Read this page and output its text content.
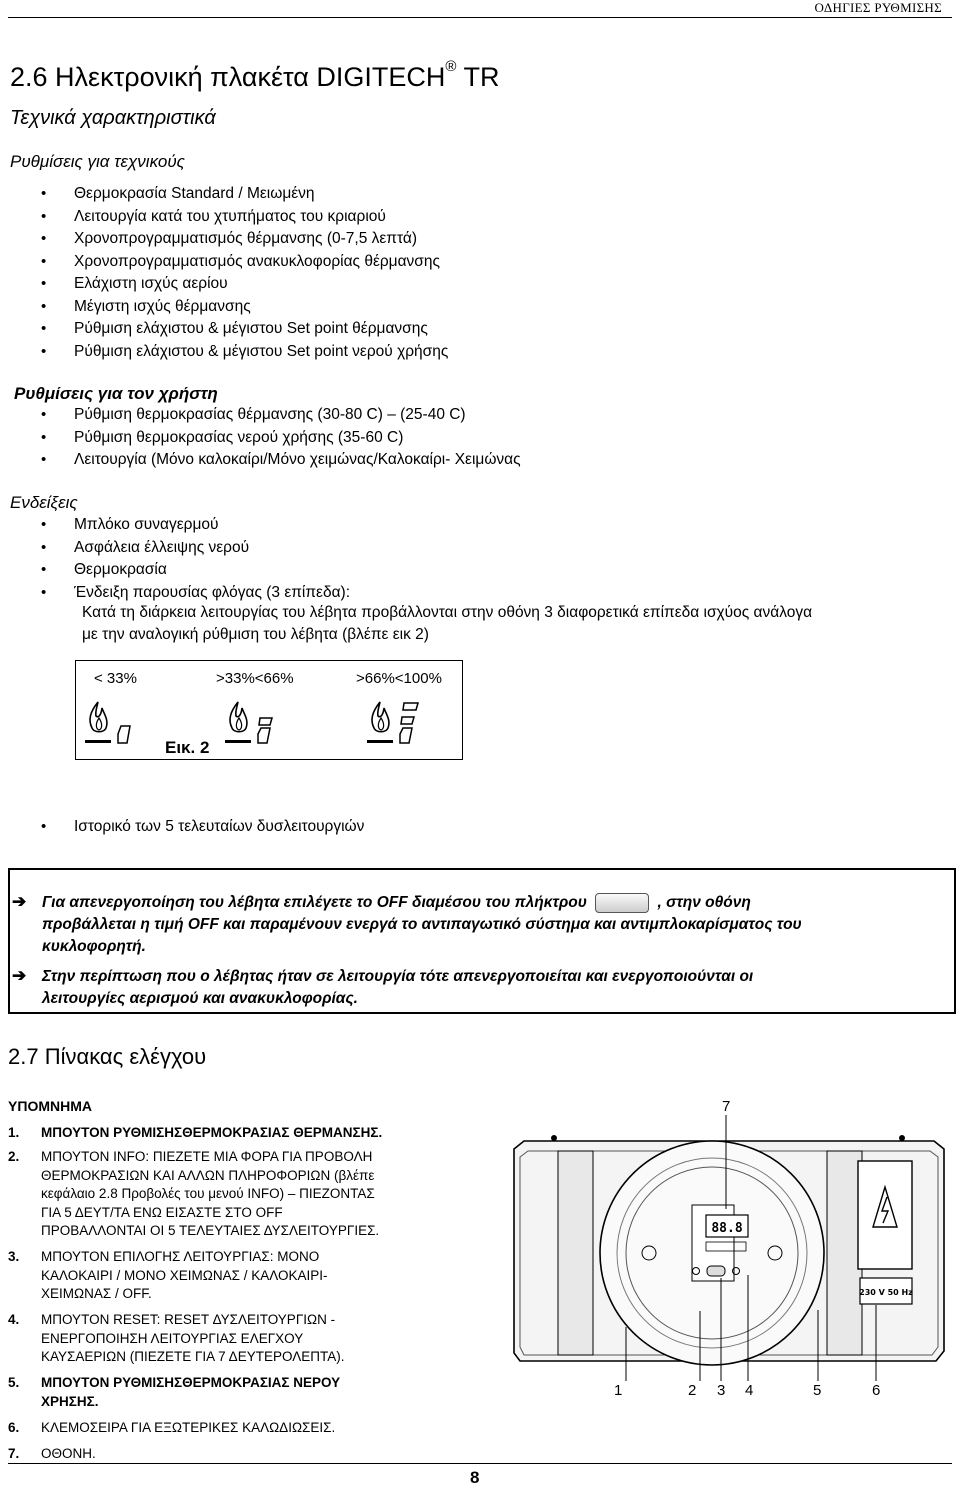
ΟΔΗΓΙΕΣ ΡΥΘΜΙΣΗΣ
2.6 Ηλεκτρονική πλακέτα DIGITECH® TR
Τεχνικά χαρακτηριστικά
Ρυθμίσεις για τεχνικούς
• Θερμοκρασία Standard / Μειωμένη
• Λειτουργία κατά του χτυπήματος του κριαριού
• Χρονοπρογραμματισμός θέρμανσης (0-7,5 λεπτά)
• Χρονοπρογραμματισμός ανακυκλοφορίας θέρμανσης
• Ελάχιστη ισχύς αερίου
• Μέγιστη ισχύς θέρμανσης
• Ρύθμιση ελάχιστου & μέγιστου Set point θέρμανσης
• Ρύθμιση ελάχιστου & μέγιστου Set point νερού χρήσης
Ρυθμίσεις για τον χρήστη
• Ρύθμιση θερμοκρασίας θέρμανσης (30-80 C) – (25-40 C)
• Ρύθμιση θερμοκρασίας νερού χρήσης (35-60 C)
• Λειτουργία (Μόνο καλοκαίρι/Μόνο χειμώνας/Καλοκαίρι- Χειμώνας
Ενδείξεις
• Μπλόκο συναγερμού
• Ασφάλεια έλλειψης νερού
• Θερμοκρασία
• Ένδειξη παρουσίας φλόγας (3 επίπεδα):
Κατά τη διάρκεια λειτουργίας του λέβητα προβάλλονται στην οθόνη 3 διαφορετικά επίπεδα ισχύος ανάλογα
με την αναλογική ρύθμιση του λέβητα (βλέπε εικ 2)
< 33%	>33%<66%	>66%<100%
Εικ. 2
• Ιστορικό των 5 τελευταίων δυσλειτουργιών
➔ Για απενεργοποίηση του λέβητα επιλέγετε το OFF διαμέσου του πλήκτρου	, στην οθόνη
προβάλλεται η τιμή OFF και παραμένουν ενεργά το αντιπαγωτικό σύστημα και αντιμπλοκαρίσματος του
κυκλοφορητή.
➔ Στην περίπτωση που ο λέβητας ήταν σε λειτουργία τότε απενεργοποιείται και ενεργοποιούνται οι
λειτουργίες αερισμού και ανακυκλοφορίας.
2.7 Πίνακας ελέγχου
ΥΠΟΜΝΗΜΑ
1. ΜΠΟΥΤΟΝ ΡΥΘΜΙΣΗΣΘΕΡΜΟΚΡΑΣΙΑΣ ΘΕΡΜΑΝΣΗΣ.
2. ΜΠΟΥΤΟΝ INFO: ΠΙΕΖΕΤΕ ΜΙΑ ΦΟΡΑ ΓΙΑ ΠΡΟΒΟΛΗ
ΘΕΡΜΟΚΡΑΣΙΩΝ ΚΑΙ ΑΛΛΩΝ ΠΛΗΡΟΦΟΡΙΩΝ (βλέπε
κεφάλαιο 2.8 Προβολές του μενού INFO) – ΠΙΕΖΟΝΤΑΣ
ΓΙΑ 5 ΔΕΥΤ/ΤΑ ΕΝΩ ΕΙΣΑΣΤΕ ΣΤΟ OFF
ΠΡΟΒΑΛΛΟΝΤΑΙ ΟΙ 5 ΤΕΛΕΥΤΑΙΕΣ ΔΥΣΛΕΙΤΟΥΡΓΙΕΣ.
3. ΜΠΟΥΤΟΝ ΕΠΙΛΟΓΗΣ ΛΕΙΤΟΥΡΓΙΑΣ: ΜΟΝΟ
ΚΑΛΟΚΑΙΡΙ / ΜΟΝΟ ΧΕΙΜΩΝΑΣ / ΚΑΛΟΚΑΙΡΙ-
ΧΕΙΜΩΝΑΣ / OFF.
4. ΜΠΟΥΤΟΝ RESET: RESET ΔΥΣΛΕΙΤΟΥΡΓΙΩΝ -
ΕΝΕΡΓΟΠΟΙΗΣΗ ΛΕΙΤΟΥΡΓΙΑΣ ΕΛΕΓΧΟΥ
ΚΑΥΣΑΕΡΙΩΝ (ΠΙΕΖΕΤΕ ΓΙΑ 7 ΔΕΥΤΕΡΟΛΕΠΤΑ).
5. ΜΠΟΥΤΟΝ ΡΥΘΜΙΣΗΣΘΕΡΜΟΚΡΑΣΙΑΣ ΝΕΡΟΥ
ΧΡΗΣΗΣ.
6. ΚΛΕΜΟΣΕΙΡΑ ΓΙΑ ΕΞΩΤΕΡΙΚΕΣ ΚΑΛΩΔΙΩΣΕΙΣ.
7. ΟΘΟΝΗ.
88.8
230 V 50 Hz
7
1	2 3 4	5	6
8
